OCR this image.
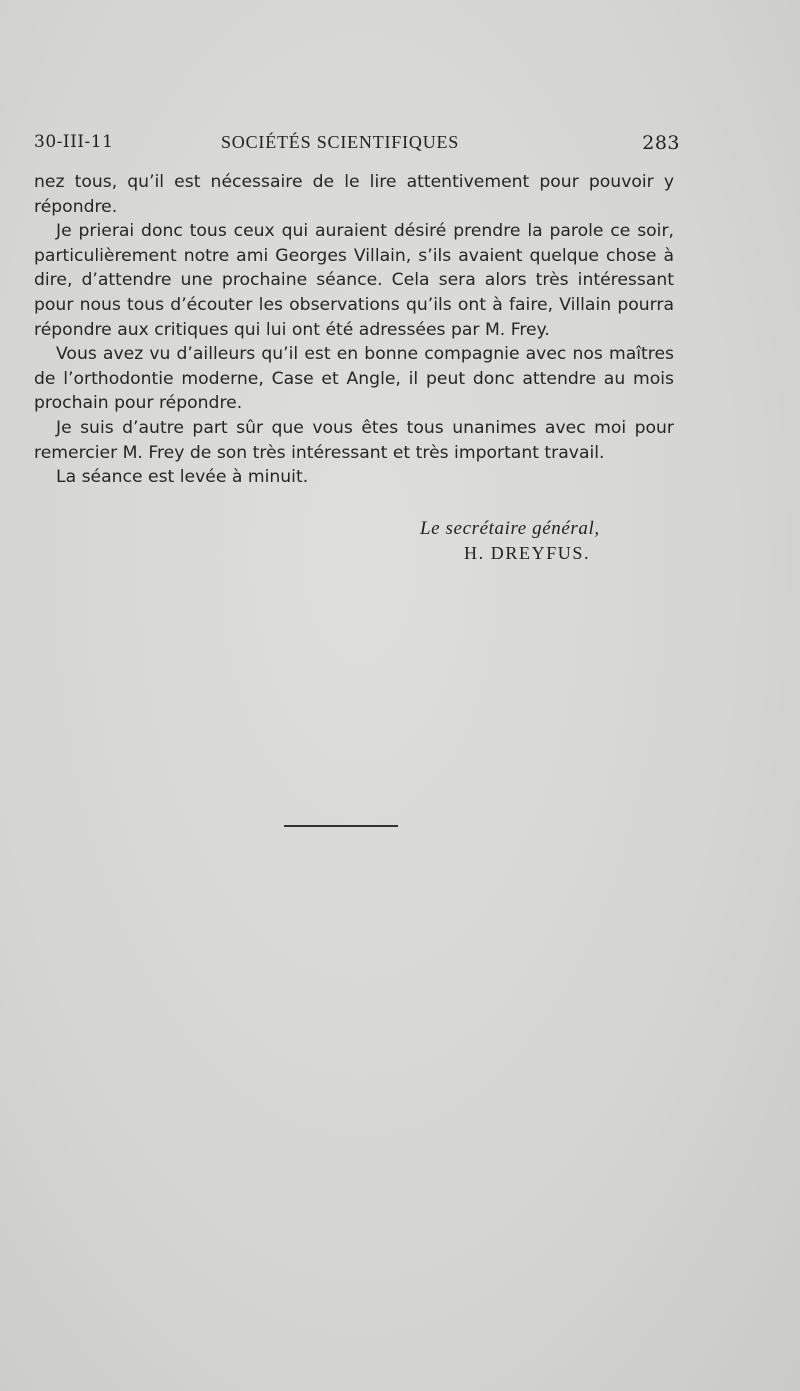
30-III-11	SOCIÉTÉS SCIENTIFIQUES	283

nez tous, qu’il est nécessaire de le lire attentivement pour pouvoir y répondre.

Je prierai donc tous ceux qui auraient désiré prendre la parole ce soir, particulièrement notre ami Georges Villain, s’ils avaient quelque chose à dire, d’attendre une prochaine séance. Cela sera alors très intéressant pour nous tous d’écouter les observations qu’ils ont à faire, Villain pourra répondre aux critiques qui lui ont été adressées par M. Frey.

Vous avez vu d’ailleurs qu’il est en bonne compagnie avec nos maîtres de l’orthodontie moderne, Case et Angle, il peut donc attendre au mois prochain pour répondre.

Je suis d’autre part sûr que vous êtes tous unanimes avec moi pour remercier M. Frey de son très intéressant et très important travail.

La séance est levée à minuit.

Le secrétaire général,
H. DREYFUS.
